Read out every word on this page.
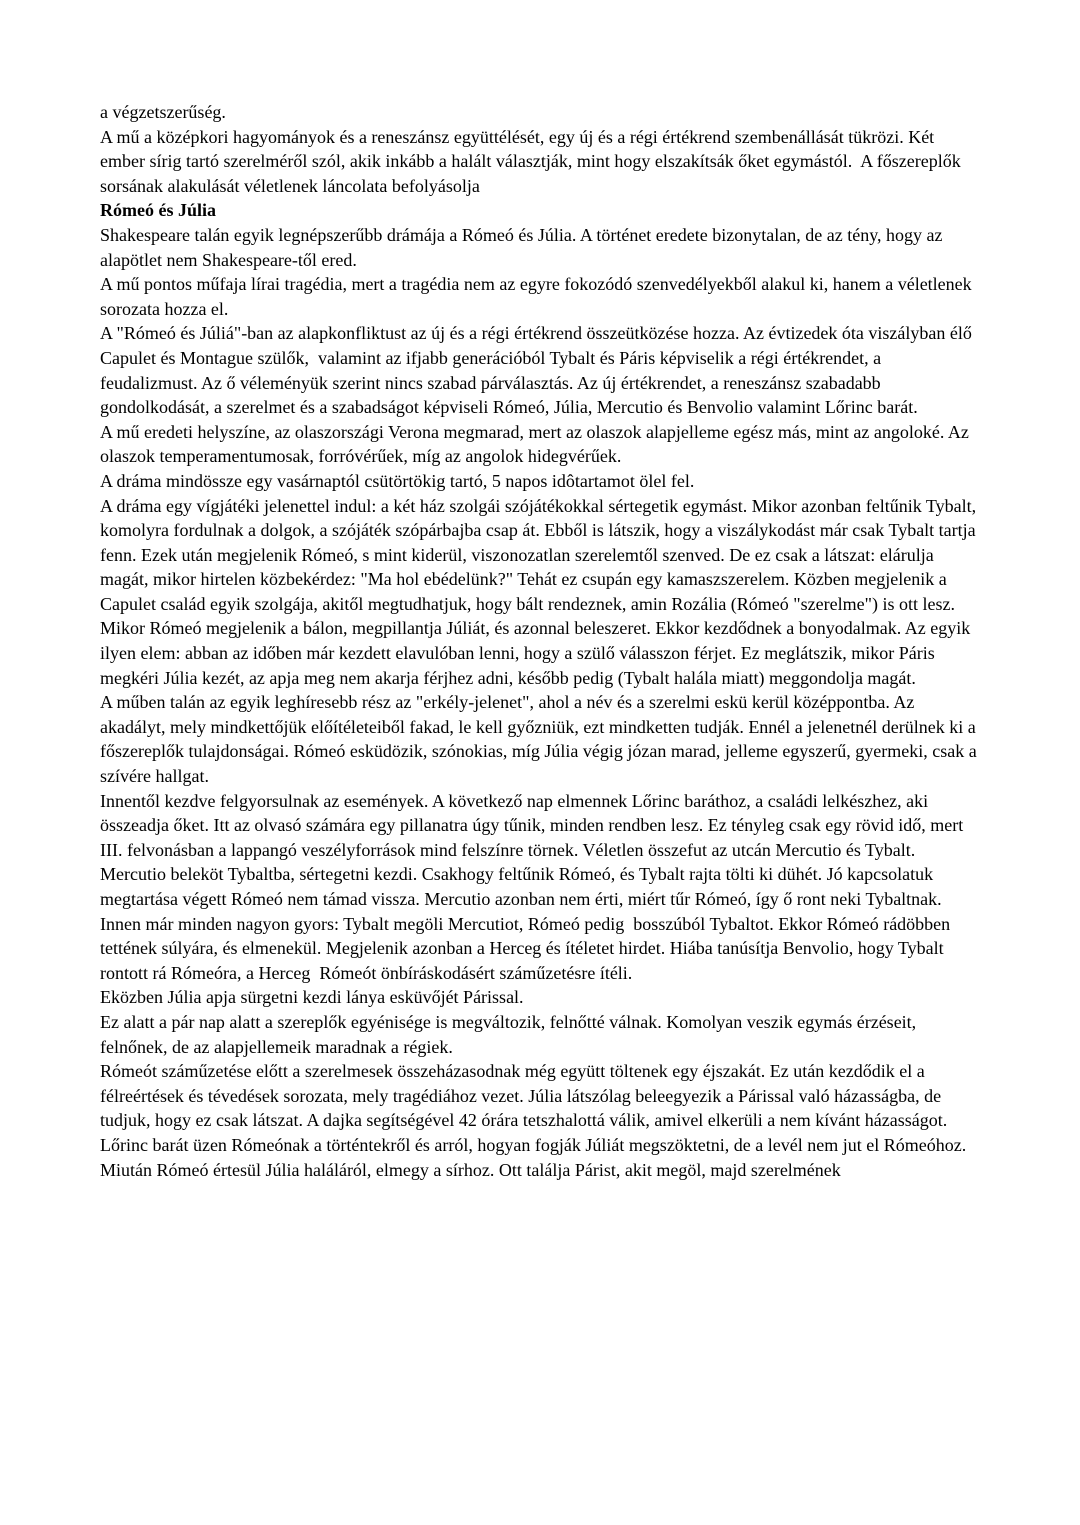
a végzetszerűség.

A mű a középkori hagyományok és a reneszánsz együttélését, egy új és a régi értékrend szembenállását tükrözi. Két ember sírig tartó szerelméről szól, akik inkább a halált választják, mint hogy elszakítsák őket egymástól.  A főszereplők sorsának alakulását véletlenek láncolata befolyásolja

Rómeó és Júlia

Shakespeare talán egyik legnépszerűbb drámája a Rómeó és Júlia. A történet eredete bizonytalan, de az tény, hogy az alapötlet nem Shakespeare-től ered.

A mű pontos műfaja lírai tragédia, mert a tragédia nem az egyre fokozódó szenvedélyekből alakul ki, hanem a véletlenek sorozata hozza el.

A "Rómeó és Júliá"-ban az alapkonfliktust az új és a régi értékrend összeütközése hozza. Az évtizedek óta viszályban élő Capulet és Montague szülők,  valamint az ifjabb generációból Tybalt és Páris képviselik a régi értékrendet, a feudalizmust. Az ő véleményük szerint nincs szabad párválasztás. Az új értékrendet, a reneszánsz szabadabb gondolkodását, a szerelmet és a szabadságot képviseli Rómeó, Júlia, Mercutio és Benvolio valamint Lőrinc barát.

A mű eredeti helyszíne, az olaszországi Verona megmarad, mert az olaszok alapjelleme egész más, mint az angoloké. Az olaszok temperamentumosak, forróvérűek, míg az angolok hidegvérűek.

A dráma mindössze egy vasárnaptól csütörtökig tartó, 5 napos idôtartamot ölel fel.

A dráma egy vígjátéki jelenettel indul: a két ház szolgái szójátékokkal sértegetik egymást. Mikor azonban feltűnik Tybalt, komolyra fordulnak a dolgok, a szójáték szópárbajba csap át. Ebből is látszik, hogy a viszálykodást már csak Tybalt tartja fenn. Ezek után megjelenik Rómeó, s mint kiderül, viszonozatlan szerelemtől szenved. De ez csak a látszat: elárulja magát, mikor hirtelen közbekérdez: "Ma hol ebédelünk?" Tehát ez csupán egy kamaszszerelem. Közben megjelenik a Capulet család egyik szolgája, akitől megtudhatjuk, hogy bált rendeznek, amin Rozália (Rómeó "szerelme") is ott lesz.

Mikor Rómeó megjelenik a bálon, megpillantja Júliát, és azonnal beleszeret. Ekkor kezdődnek a bonyodalmak. Az egyik ilyen elem: abban az időben már kezdett elavulóban lenni, hogy a szülő válasszon férjet. Ez meglátszik, mikor Páris megkéri Júlia kezét, az apja meg nem akarja férjhez adni, később pedig (Tybalt halála miatt) meggondolja magát.

A műben talán az egyik leghíresebb rész az "erkély-jelenet", ahol a név és a szerelmi eskü kerül középpontba. Az akadályt, mely mindkettőjük előítéleteiből fakad, le kell győzniük, ezt mindketten tudják. Ennél a jelenetnél derülnek ki a főszereplők tulajdonságai. Rómeó esküdözik, szónokias, míg Júlia végig józan marad, jelleme egyszerű, gyermeki, csak a szívére hallgat.

Innentől kezdve felgyorsulnak az események. A következő nap elmennek Lőrinc baráthoz, a családi lelkészhez, aki összeadja őket. Itt az olvasó számára egy pillanatra úgy tűnik, minden rendben lesz. Ez tényleg csak egy rövid idő, mert III. felvonásban a lappangó veszélyforrások mind felszínre törnek. Véletlen összefut az utcán Mercutio és Tybalt. Mercutio beleköt Tybaltba, sértegetni kezdi. Csakhogy feltűnik Rómeó, és Tybalt rajta tölti ki dühét. Jó kapcsolatuk megtartása végett Rómeó nem támad vissza. Mercutio azonban nem érti, miért tűr Rómeó, így ő ront neki Tybaltnak. Innen már minden nagyon gyors: Tybalt megöli Mercutiot, Rómeó pedig  bosszúból Tybaltot. Ekkor Rómeó rádöbben tettének súlyára, és elmenekül. Megjelenik azonban a Herceg és ítéletet hirdet. Hiába tanúsítja Benvolio, hogy Tybalt rontott rá Rómeóra, a Herceg  Rómeót önbíráskodásért száműzetésre ítéli.

Eközben Júlia apja sürgetni kezdi lánya esküvőjét Párissal.

Ez alatt a pár nap alatt a szereplők egyénisége is megváltozik, felnőtté válnak. Komolyan veszik egymás érzéseit, felnőnek, de az alapjellemeik maradnak a régiek.

Rómeót száműzetése előtt a szerelmesek összeházasodnak még együtt töltenek egy éjszakát. Ez után kezdődik el a félreértések és tévedések sorozata, mely tragédiához vezet. Júlia látszólag beleegyezik a Párissal való házasságba, de tudjuk, hogy ez csak látszat. A dajka segítségével 42 órára tetszhalottá válik, amivel elkerüli a nem kívánt házasságot. Lőrinc barát üzen Rómeónak a történtekről és arról, hogyan fogják Júliát megszöktetni, de a levél nem jut el Rómeóhoz. Miután Rómeó értesül Júlia haláláról, elmegy a sírhoz. Ott találja Párist, akit megöl, majd szerelmének
